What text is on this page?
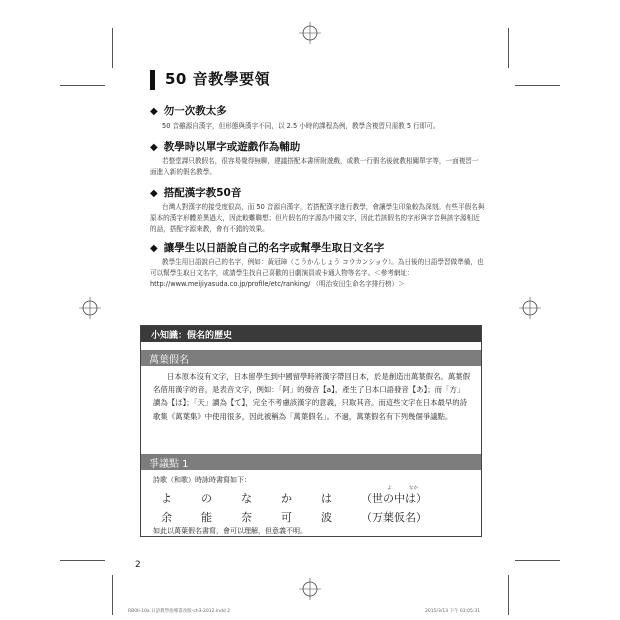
50 音教學要領
◆ 勿一次教太多
50 音雖源自漢字，但形態與漢字不同，以 2.5 小時的課程為例，教學含複習只需教 5 行即可。
◆ 教學時以單字或遊戲作為輔助
若整堂課只教假名，很容易覺得無聊，建議搭配本書所附遊戲，或教一行假名後就教相關單字等，一面複習一面進入新的假名教學。
◆ 搭配漢字教50音
台灣人對漢字的接受度很高，而 50 音源自漢字，若搭配漢字進行教學，會讓學生印象較為深刻。有些平假名與原本的漢字形體差異過大，因此較難聯想；但片假名的字源為中國文字，因此若該假名的字形與字音與該字源相近的話，搭配字源來教，會有不錯的效果。
◆ 讓學生以日語說自己的名字或幫學生取日文名字
教學生用日語說自己的名字，例如：黃冠璋（こうかんしょう コウカンショウ）。為日後的日語學習做準備，也可以幫學生取日文名字，或請學生找自己喜歡的日劇演員或卡通人物等名字。＜參考網址： http://www.meijiyasuda.co.jp/profile/etc/ranking/ （明治安田生命名字排行榜）＞
小知識：假名的歷史
萬葉假名
日本原本沒有文字，日本留學生到中國留學時將漢字帶回日本，於是創造出萬葉假名。萬葉假名借用漢字的音，是表音文字，例如：「阿」的發音【a】，產生了日本口語發音【あ】；而「方」讀為【ほ】；「天」讀為【て】，完全不考慮該漢字的意義，只取其音。而這些文字在日本最早的詩歌集《萬葉集》中使用很多，因此被稱為「萬葉假名」。不過，萬葉假名有下列幾個爭議點。
爭議點 1
詩歌（和歌）時詠時書寫如下：
よ	なか
よ	の	な	か	は	（世の中は）
余	能	奈	可	波	（万葉仮名）
如此以萬葉假名書寫，會可以理解，但意義不明。
2
RB0ll-10a 日語教學指導書改版-ch3-2012.indd 2	2015/3/13 下午 03:05:31
